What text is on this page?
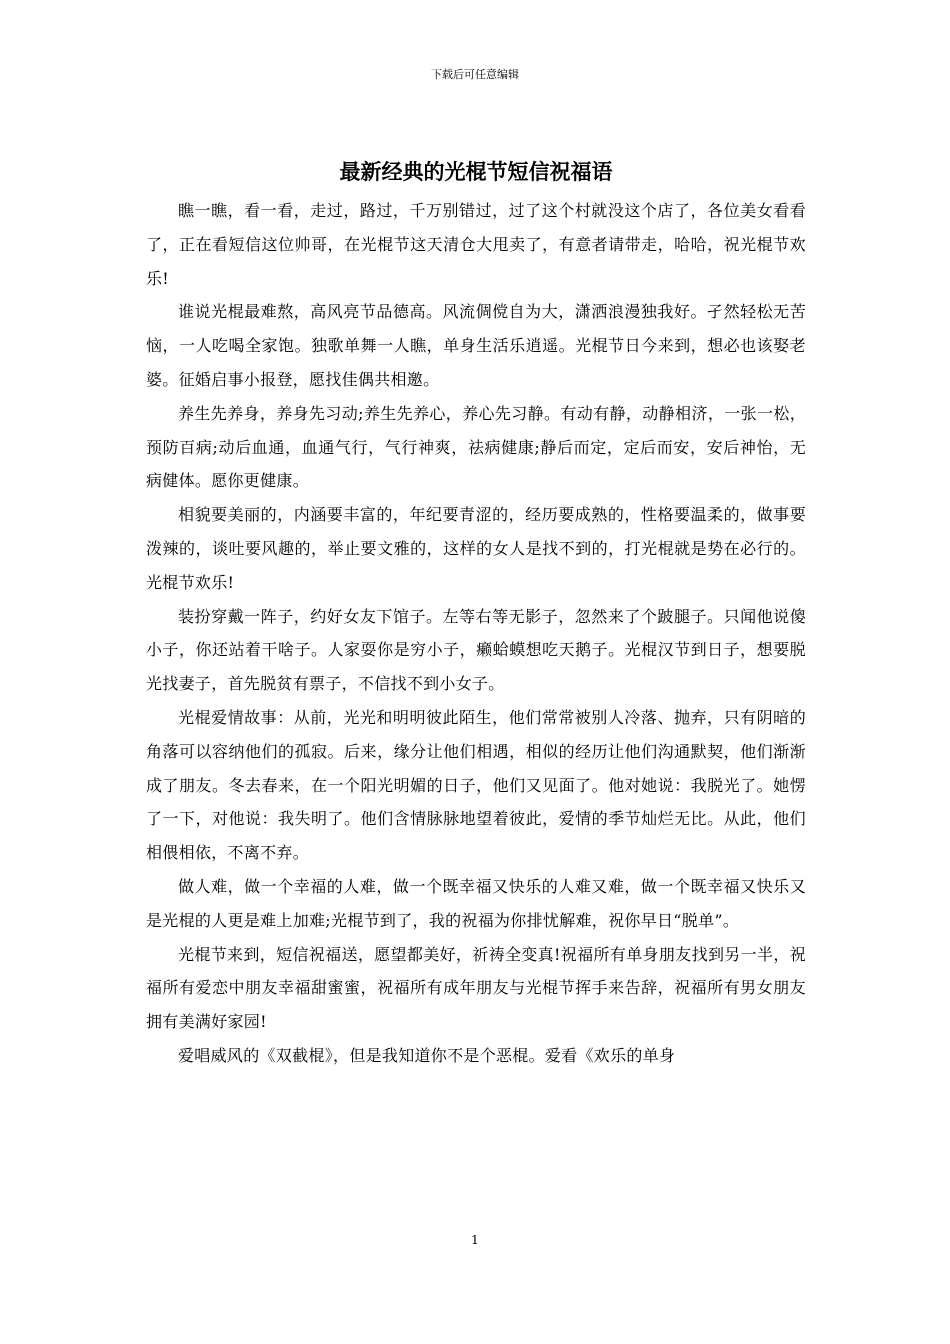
下载后可任意编辑
最新经典的光棍节短信祝福语

瞧一瞧，看一看，走过，路过，千万别错过，过了这个村就没这个店了，各位美女看看了，正在看短信这位帅哥，在光棍节这天清仓大甩卖了，有意者请带走，哈哈，祝光棍节欢乐!

谁说光棍最难熬，高风亮节品德高。风流倜傥自为大，潇洒浪漫独我好。孑然轻松无苦恼，一人吃喝全家饱。独歌单舞一人瞧，单身生活乐逍遥。光棍节日今来到，想必也该娶老婆。征婚启事小报登，愿找佳偶共相邀。

养生先养身，养身先习动;养生先养心，养心先习静。有动有静，动静相济，一张一松，预防百病;动后血通，血通气行，气行神爽，祛病健康;静后而定，定后而安，安后神怡，无病健体。愿你更健康。

相貌要美丽的，内涵要丰富的，年纪要青涩的，经历要成熟的，性格要温柔的，做事要泼辣的，谈吐要风趣的，举止要文雅的，这样的女人是找不到的，打光棍就是势在必行的。光棍节欢乐!

装扮穿戴一阵子，约好女友下馆子。左等右等无影子，忽然来了个跛腿子。只闻他说傻小子，你还站着干啥子。人家耍你是穷小子，癞蛤蟆想吃天鹅子。光棍汉节到日子，想要脱光找妻子，首先脱贫有票子，不信找不到小女子。

光棍爱情故事：从前，光光和明明彼此陌生，他们常常被别人冷落、抛弃，只有阴暗的角落可以容纳他们的孤寂。后来，缘分让他们相遇，相似的经历让他们沟通默契，他们渐渐成了朋友。冬去春来，在一个阳光明媚的日子，他们又见面了。他对她说：我脱光了。她愣了一下，对他说：我失明了。他们含情脉脉地望着彼此，爱情的季节灿烂无比。从此，他们相偎相依，不离不弃。

做人难，做一个幸福的人难，做一个既幸福又快乐的人难又难，做一个既幸福又快乐又是光棍的人更是难上加难;光棍节到了，我的祝福为你排忧解难，祝你早日“脱单”。

光棍节来到，短信祝福送，愿望都美好，祈祷全变真!祝福所有单身朋友找到另一半，祝福所有爱恋中朋友幸福甜蜜蜜，祝福所有成年朋友与光棍节挥手来告辞，祝福所有男女朋友拥有美满好家园!

爱唱威风的《双截棍》，但是我知道你不是个恶棍。爱看《欢乐的单身

1
